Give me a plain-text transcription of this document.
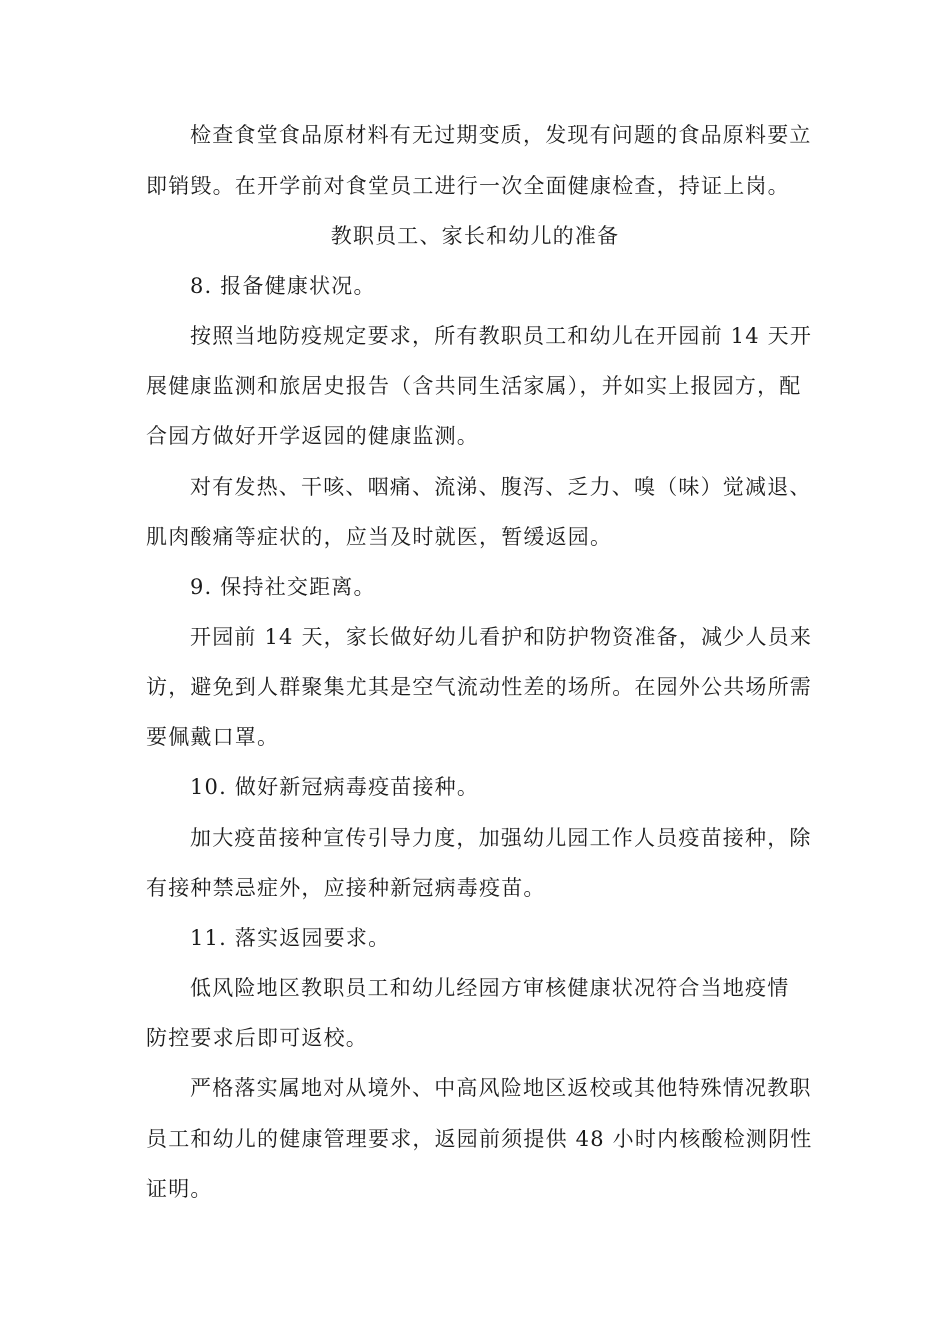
检查食堂食品原材料有无过期变质，发现有问题的食品原料要立
即销毁。在开学前对食堂员工进行一次全面健康检查，持证上岗。
教职员工、家长和幼儿的准备
8. 报备健康状况。
按照当地防疫规定要求，所有教职员工和幼儿在开园前 14 天开
展健康监测和旅居史报告（含共同生活家属），并如实上报园方，配
合园方做好开学返园的健康监测。
对有发热、干咳、咽痛、流涕、腹泻、乏力、嗅（味）觉减退、
肌肉酸痛等症状的，应当及时就医，暂缓返园。
9. 保持社交距离。
开园前 14 天，家长做好幼儿看护和防护物资准备，减少人员来
访，避免到人群聚集尤其是空气流动性差的场所。在园外公共场所需
要佩戴口罩。
10. 做好新冠病毒疫苗接种。
加大疫苗接种宣传引导力度，加强幼儿园工作人员疫苗接种，除
有接种禁忌症外，应接种新冠病毒疫苗。
11. 落实返园要求。
低风险地区教职员工和幼儿经园方审核健康状况符合当地疫情
防控要求后即可返校。
严格落实属地对从境外、中高风险地区返校或其他特殊情况教职
员工和幼儿的健康管理要求，返园前须提供 48 小时内核酸检测阴性
证明。
